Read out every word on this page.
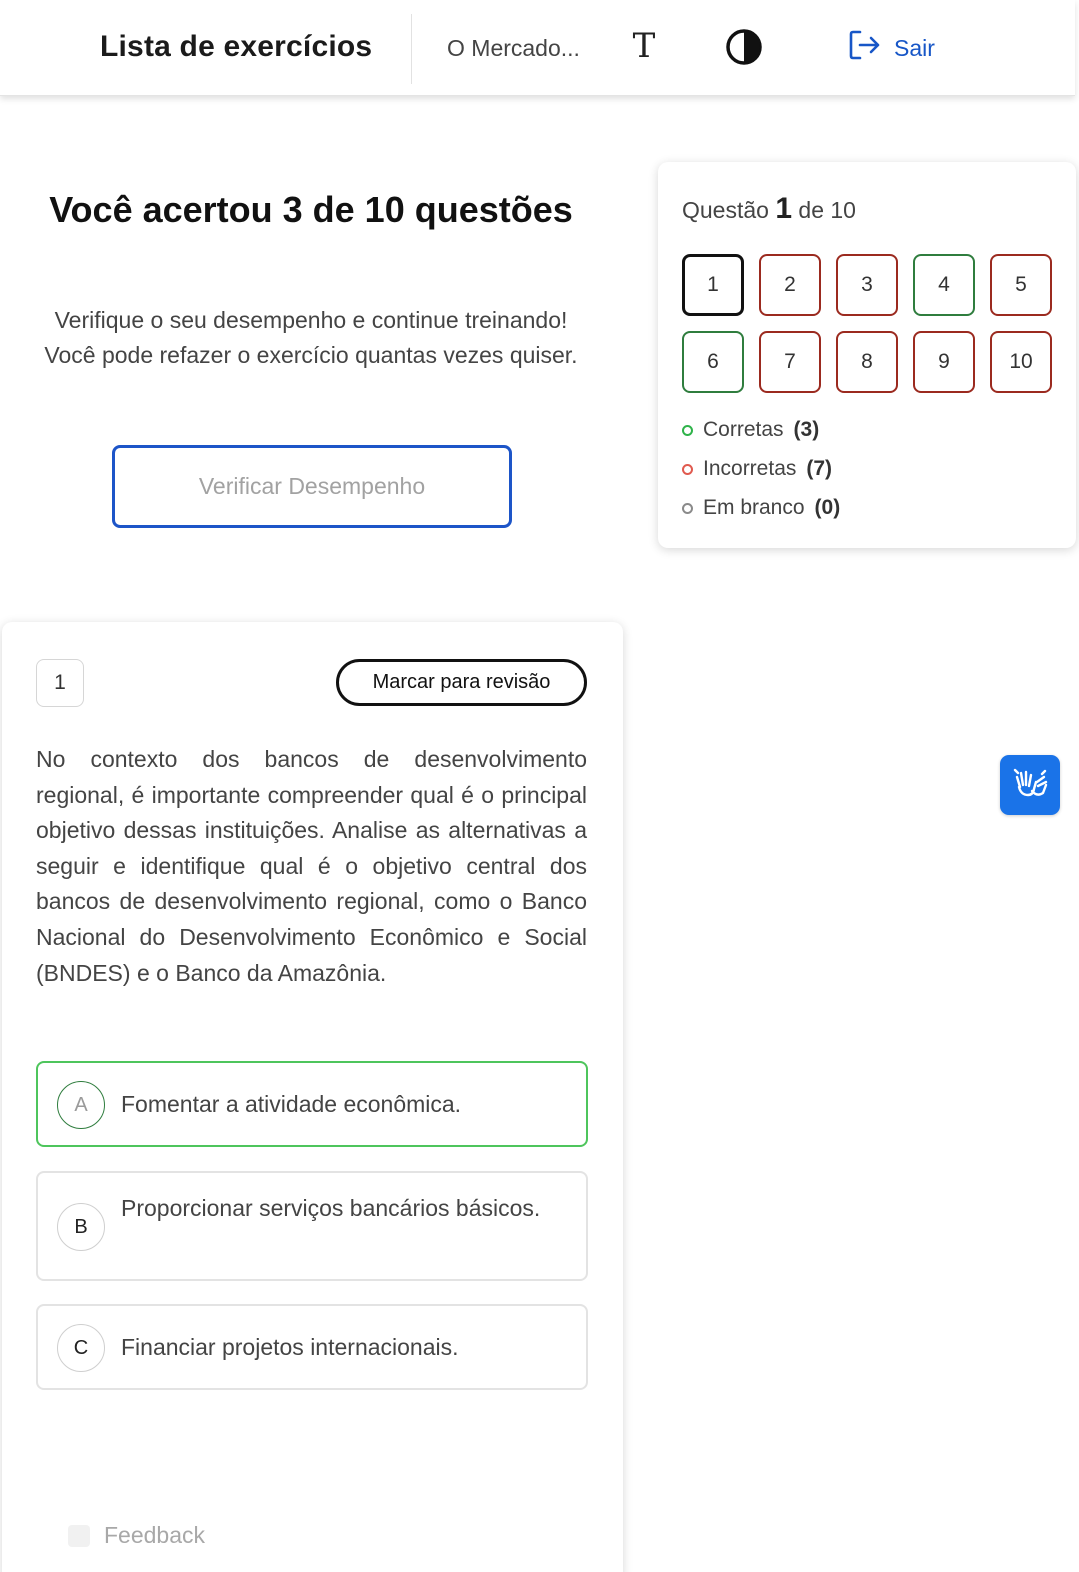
Lista de exercícios	O Mercado... T	Sair
Você acertou 3 de 10 questões

Verifique o seu desempenho e continue treinando! Você pode refazer o exercício quantas vezes quiser.

Verificar Desempenho
Questão 1 de 10
1	2	3	4	5
6	7	8	9	10
Corretas (3)
Incorretas (7)
Em branco (0)
1	Marcar para revisão

No contexto dos bancos de desenvolvimento regional, é importante compreender qual é o principal objetivo dessas instituições. Analise as alternativas a seguir e identifique qual é o objetivo central dos bancos de desenvolvimento regional, como o Banco Nacional do Desenvolvimento Econômico e Social (BNDES) e o Banco da Amazônia.

A	Fomentar a atividade econômica.
B
Proporcionar serviços bancários básicos.
C	Financiar projetos internacionais.
Feedback
